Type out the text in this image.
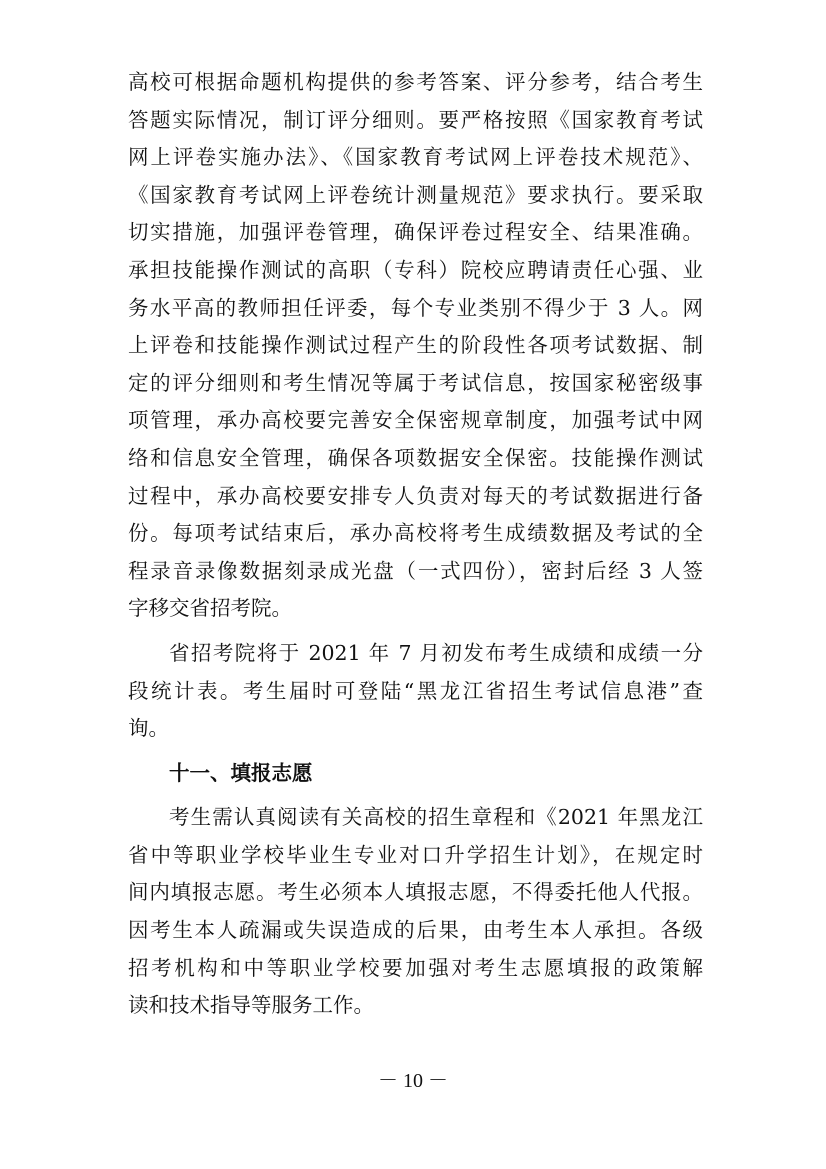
高校可根据命题机构提供的参考答案、评分参考，结合考生
答题实际情况，制订评分细则。要严格按照《国家教育考试
网上评卷实施办法》、《国家教育考试网上评卷技术规范》、
《国家教育考试网上评卷统计测量规范》要求执行。要采取
切实措施，加强评卷管理，确保评卷过程安全、结果准确。
承担技能操作测试的高职（专科）院校应聘请责任心强、业
务水平高的教师担任评委，每个专业类别不得少于 3 人。网
上评卷和技能操作测试过程产生的阶段性各项考试数据、制
定的评分细则和考生情况等属于考试信息，按国家秘密级事
项管理，承办高校要完善安全保密规章制度，加强考试中网
络和信息安全管理，确保各项数据安全保密。技能操作测试
过程中，承办高校要安排专人负责对每天的考试数据进行备
份。每项考试结束后，承办高校将考生成绩数据及考试的全
程录音录像数据刻录成光盘（一式四份），密封后经 3 人签
字移交省招考院。

省招考院将于 2021 年 7 月初发布考生成绩和成绩一分
段统计表。考生届时可登陆“黑龙江省招生考试信息港”查
询。

十一、填报志愿

考生需认真阅读有关高校的招生章程和《2021 年黑龙江
省中等职业学校毕业生专业对口升学招生计划》，在规定时
间内填报志愿。考生必须本人填报志愿，不得委托他人代报。
因考生本人疏漏或失误造成的后果，由考生本人承担。各级
招考机构和中等职业学校要加强对考生志愿填报的政策解
读和技术指导等服务工作。

－ 10 －
